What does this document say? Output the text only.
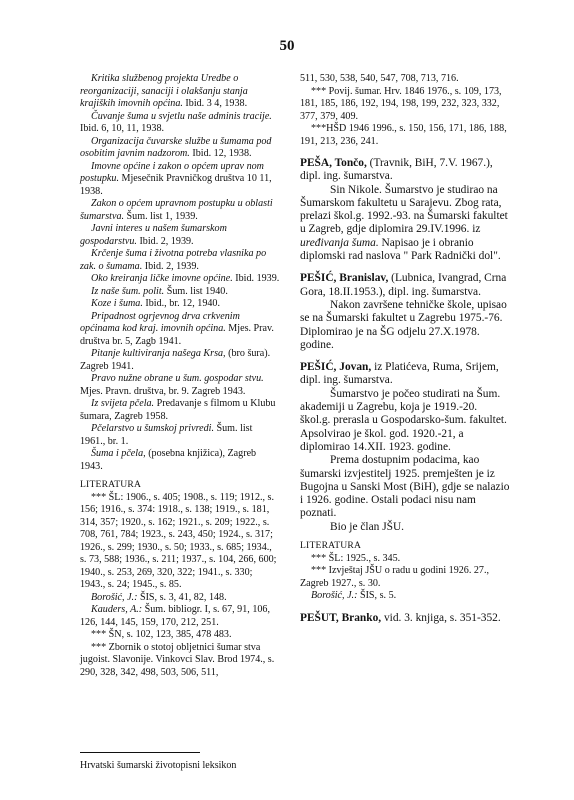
50

Kritika službenog projekta Uredbe o reorganizaciji, sanaciji i olakšanju stanja krajiških imovnih općina. Ibid. 3 4, 1938.

Čuvanje šuma u svjetlu naše adminis tracije. Ibid. 6, 10, 11, 1938.

Organizacija čuvarske službe u šumama pod osobitim javnim nadzorom. Ibid. 12, 1938.

Imovne općine i zakon o općem uprav nom postupku. Mjesečnik Pravničkog društva 10 11, 1938.

Zakon o općem upravnom postupku u oblasti šumarstva. Šum. list 1, 1939.

Javni interes u našem šumarskom gospodarstvu. Ibid. 2, 1939.

Krčenje šuma i životna potreba vlasnika po zak. o šumama. Ibid. 2, 1939.

Oko kreiranja ličke imovne općine. Ibid. 1939.

Iz naše šum. polit. Šum. list 1940.

Koze i šuma. Ibid., br. 12, 1940.

Pripadnost ogrjevnog drva crkvenim općinama kod kraj. imovnih općina. Mjes. Prav. društva br. 5, Zagb 1941.

Pitanje kultiviranja našega Krsa, (bro šura). Zagreb 1941.

Pravo nužne obrane u šum. gospodar stvu. Mjes. Pravn. društva, br. 9. Zagreb 1943.

Iz svijeta pčela. Predavanje s filmom u Klubu šumara, Zagreb 1958.

Pčelarstvo u šumskoj privredi. Šum. list 1961., br. 1.

Šuma i pčela, (posebna knjižica), Zagreb 1943.

LITERATURA

*** ŠL: 1906., s. 405; 1908., s. 119; 1912., s. 156; 1916., s. 374: 1918., s. 138; 1919., s. 181, 314, 357; 1920., s. 162; 1921., s. 209; 1922., s. 708, 761, 784; 1923., s. 243, 450; 1924., s. 317; 1926., s. 299; 1930., s. 50; 1933., s. 685; 1934., s. 73, 588; 1936., s. 211; 1937., s. 104, 266, 600; 1940., s. 253, 269, 320, 322; 1941., s. 330; 1943., s. 24; 1945., s. 85.

Borošić, J.: ŠIS, s. 3, 41, 82, 148.

Kauders, A.: Šum. bibliogr. I, s. 67, 91, 106, 126, 144, 145, 159, 170, 212, 251.

*** ŠN, s. 102, 123, 385, 478 483.

*** Zbornik o stotoj obljetnici šumar stva jugoist. Slavonije. Vinkovci Slav. Brod 1974., s. 290, 328, 342, 498, 503, 506, 511,

511, 530, 538, 540, 547, 708, 713, 716.

*** Povij. šumar. Hrv. 1846 1976., s. 109, 173, 181, 185, 186, 192, 194, 198, 199, 232, 323, 332, 377, 379, 409.

***HŠD 1946 1996., s. 150, 156, 171, 186, 188, 191, 213, 236, 241.

PEŠA, Tončo, (Travnik, BiH, 7.V. 1967.), dipl. ing. šumarstva.

Sin Nikole. Šumarstvo je studirao na Šumarskom fakultetu u Sarajevu. Zbog rata, prelazi škol.g. 1992.-93. na Šumarski fakultet u Zagreb, gdje diplomira 29.IV.1996. iz uređivanja šuma. Napisao je i obranio diplomski rad naslova " Park Radnički dol".

PEŠIĆ, Branislav, (Lubnica, Ivangrad, Crna Gora, 18.II.1953.), dipl. ing. šumarstva.

Nakon završene tehničke škole, upisao se na Šumarski fakultet u Zagrebu 1975.-76. Diplomirao je na ŠG odjelu 27.X.1978. godine.

PEŠIĆ, Jovan, iz Platićeva, Ruma, Srijem, dipl. ing. šumarstva.

Šumarstvo je počeo studirati na Šum. akademiji u Zagrebu, koja je 1919.-20. škol.g. prerasla u Gospodarsko-šum. fakultet. Apsolvirao je škol. god. 1920.-21, a diplomirao 14.XII. 1923. godine.

Prema dostupnim podacima, kao šumarski izvjestitelj 1925. premješten je iz Bugojna u Sanski Most (BiH), gdje se nalazio i 1926. godine. Ostali podaci nisu nam poznati.

Bio je član JŠU.

LITERATURA

*** ŠL: 1925., s. 345.

*** Izvještaj JŠU o radu u godini 1926. 27., Zagreb 1927., s. 30.

Borošić, J.: ŠIS, s. 5.

PEŠUT, Branko, vid. 3. knjiga, s. 351-352.

Hrvatski šumarski životopisni leksikon
